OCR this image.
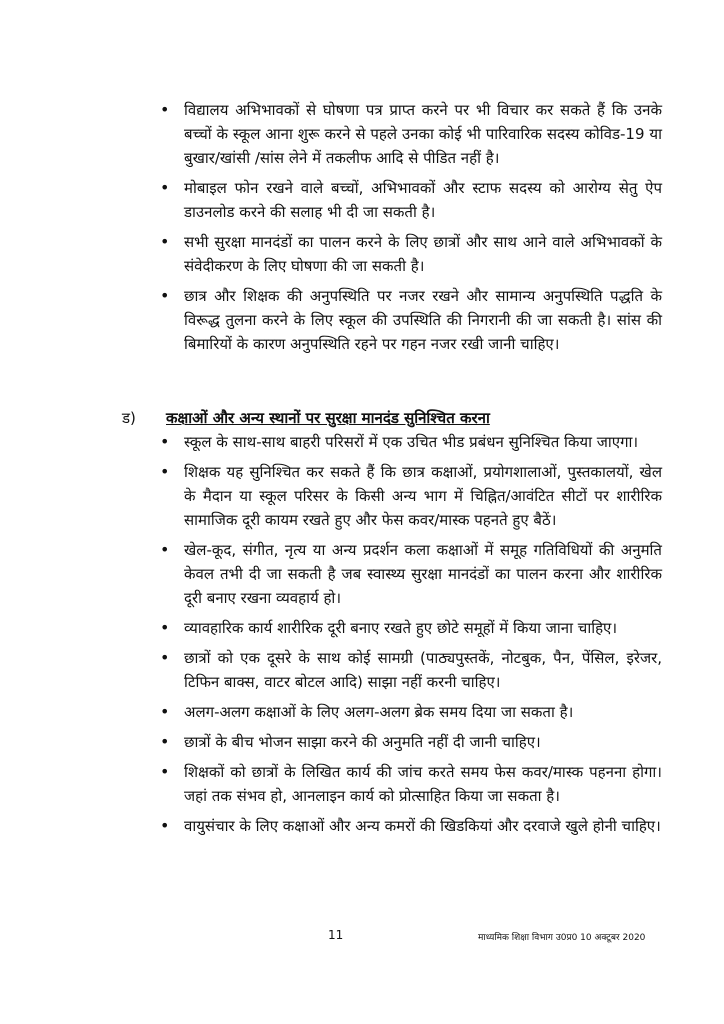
• विद्यालय अभिभावकों से घोषणा पत्र प्राप्त करने पर भी विचार कर सकते हैं कि उनके बच्चों के स्कूल आना शुरू करने से पहले उनका कोई भी पारिवारिक सदस्य कोविड-19 या बुखार/खांसी /सांस लेने में तकलीफ आदि से पीडित नहीं है।
• मोबाइल फोन रखने वाले बच्चों, अभिभावकों और स्टाफ सदस्य को आरोग्य सेतु ऐप डाउनलोड करने की सलाह भी दी जा सकती है।
• सभी सुरक्षा मानदंडों का पालन करने के लिए छात्रों और साथ आने वाले अभिभावकों के संवेदीकरण के लिए घोषणा की जा सकती है।
• छात्र और शिक्षक की अनुपस्थिति पर नजर रखने और सामान्य अनुपस्थिति पद्धति के विरूद्ध तुलना करने के लिए स्कूल की उपस्थिति की निगरानी की जा सकती है। सांस की बिमारियों के कारण अनुपस्थिति रहने पर गहन नजर रखी जानी चाहिए।
ड) कक्षाओं और अन्य स्थानों पर सुरक्षा मानदंड सुनिश्चित करना
• स्कूल के साथ-साथ बाहरी परिसरों में एक उचित भीड प्रबंधन सुनिश्चित किया जाएगा।
• शिक्षक यह सुनिश्चित कर सकते हैं कि छात्र कक्षाओं, प्रयोगशालाओं, पुस्तकालयों, खेल के मैदान या स्कूल परिसर के किसी अन्य भाग में चिह्नित/आवंटित सीटों पर शारीरिक सामाजिक दूरी कायम रखते हुए और फेस कवर/मास्क पहनते हुए बैठें।
• खेल-कूद, संगीत, नृत्य या अन्य प्रदर्शन कला कक्षाओं में समूह गतिविधियों की अनुमति केवल तभी दी जा सकती है जब स्वास्थ्य सुरक्षा मानदंडों का पालन करना और शारीरिक दूरी बनाए रखना व्यवहार्य हो।
• व्यावहारिक कार्य शारीरिक दूरी बनाए रखते हुए छोटे समूहों में किया जाना चाहिए।
• छात्रों को एक दूसरे के साथ कोई सामग्री (पाठ्यपुस्तकें, नोटबुक, पैन, पेंसिल, इरेजर, टिफिन बाक्स, वाटर बोटल आदि) साझा नहीं करनी चाहिए।
• अलग-अलग कक्षाओं के लिए अलग-अलग ब्रेक समय दिया जा सकता है।
• छात्रों के बीच भोजन साझा करने की अनुमति नहीं दी जानी चाहिए।
• शिक्षकों को छात्रों के लिखित कार्य की जांच करते समय फेस कवर/मास्क पहनना होगा। जहां तक संभव हो, आनलाइन कार्य को प्रोत्साहित किया जा सकता है।
• वायुसंचार के लिए कक्षाओं और अन्य कमरों की खिडकियां और दरवाजे खुले होनी चाहिए।
11	माध्यमिक शिक्षा विभाग उ0प्र0 10 अक्टूबर 2020
